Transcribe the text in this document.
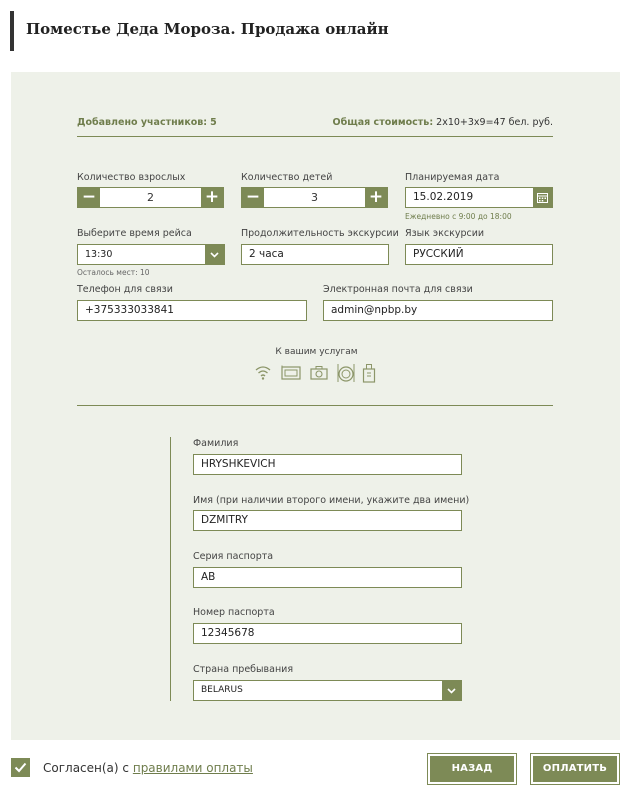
Поместье Деда Мороза. Продажа онлайн
Добавлено участников: 5	Общая стоимость: 2x10+3x9=47 бел. руб.
Количество взрослых
−	2	+
Количество детей
−	3	+
Планируемая дата
15.02.2019
Ежедневно с 9:00 до 18:00
Выберите время рейса
13:30
Осталось мест: 10
Продолжительность экскурсии
2 часа
Язык экскурсии
РУССКИЙ
Телефон для связи
+375333033841
Электронная почта для связи
admin@npbp.by
К вашим услугам
Фамилия
HRYSHKEVICH
Имя (при наличии второго имени, укажите два имени)
DZMITRY
Серия паспорта
AB
Номер паспорта
12345678
Страна пребывания
BELARUS
Согласен(а) с правилами оплаты	НАЗАД	ОПЛАТИТЬ
